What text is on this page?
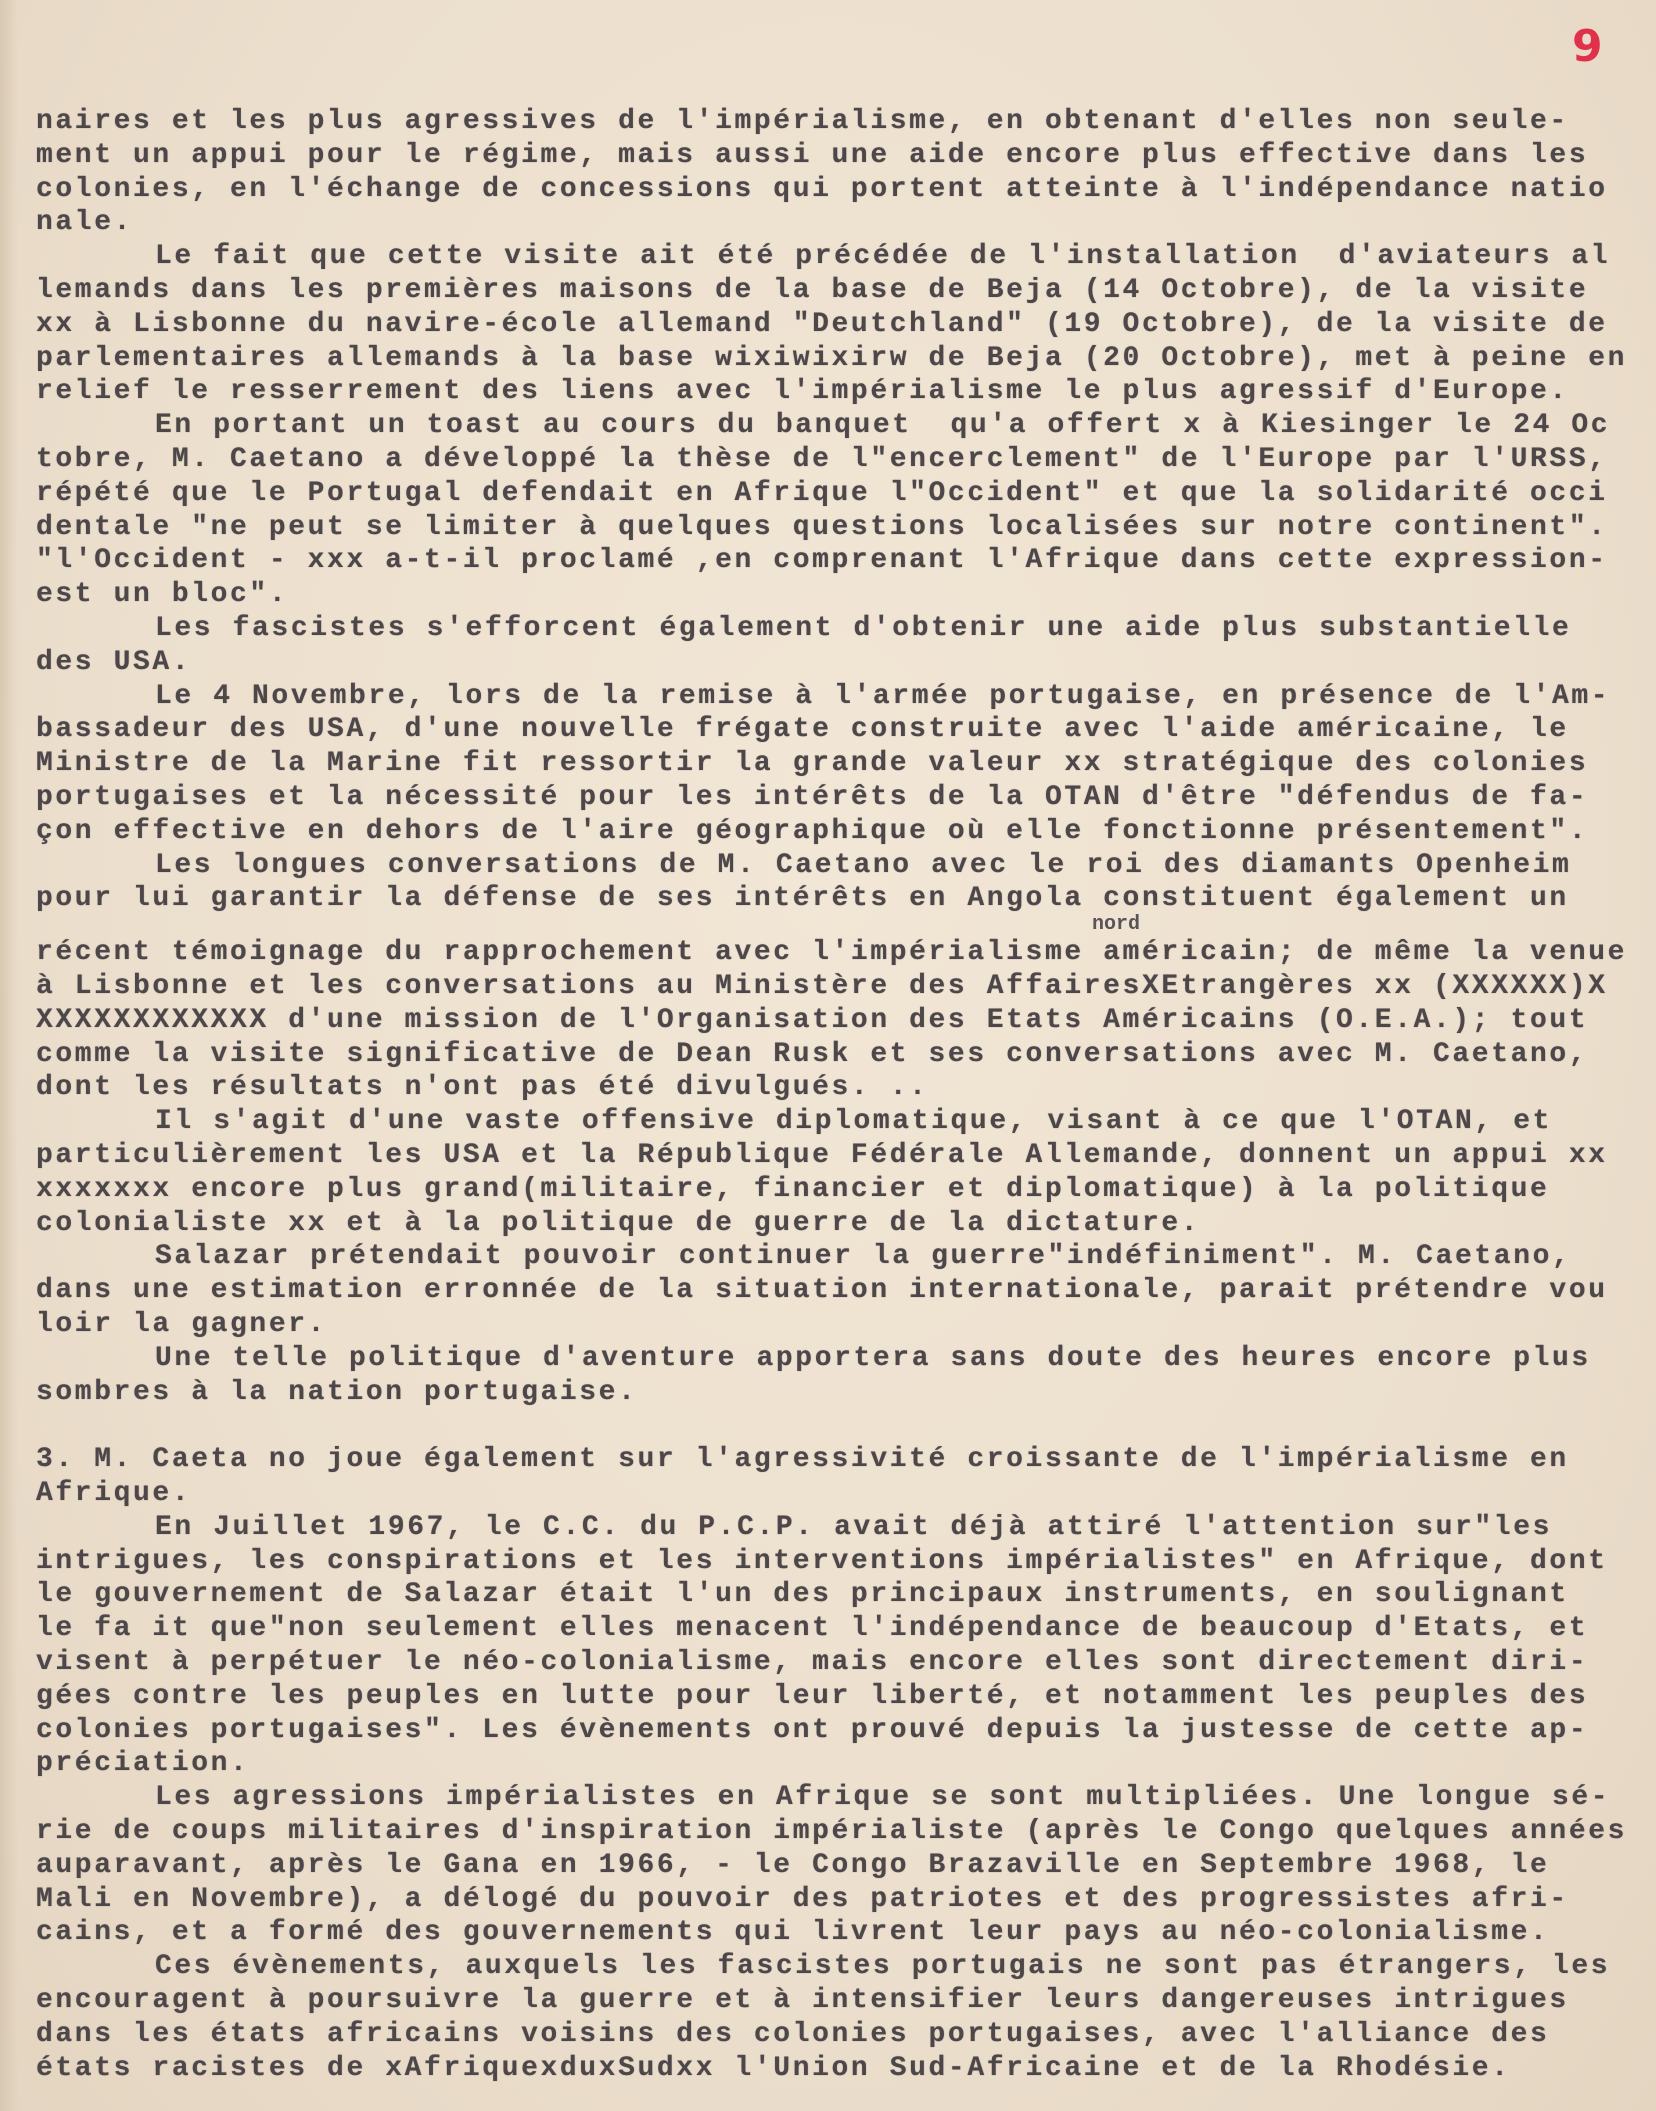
9
naires et les plus agressives de l'impérialisme, en obtenant d'elles non seule-
ment un appui pour le régime, mais aussi une aide encore plus effective dans les
colonies, en l'échange de concessions qui portent atteinte à l'indépendance natio
nale.
Le fait que cette visite ait été précédée de l'installation  d'aviateurs al
lemands dans les premières maisons de la base de Beja (14 Octobre), de la visite
xx à Lisbonne du navire-école allemand "Deutchland" (19 Octobre), de la visite de
parlementaires allemands à la base wixiwixirw de Beja (20 Octobre), met à peine en
relief le resserrement des liens avec l'impérialisme le plus agressif d'Europe.
En portant un toast au cours du banquet  qu'a offert x à Kiesinger le 24 Oc
tobre, M. Caetano a développé la thèse de l"encerclement" de l'Europe par l'URSS,
répété que le Portugal defendait en Afrique l"Occident" et que la solidarité occi
dentale "ne peut se limiter à quelques questions localisées sur notre continent".
"l'Occident - xxx a-t-il proclamé ,en comprenant l'Afrique dans cette expression-
est un bloc".
Les fascistes s'efforcent également d'obtenir une aide plus substantielle
des USA.
Le 4 Novembre, lors de la remise à l'armée portugaise, en présence de l'Am-
bassadeur des USA, d'une nouvelle frégate construite avec l'aide américaine, le
Ministre de la Marine fit ressortir la grande valeur xx stratégique des colonies
portugaises et la nécessité pour les intérêts de la OTAN d'être "défendus de fa-
çon effective en dehors de l'aire géographique où elle fonctionne présentement".
Les longues conversations de M. Caetano avec le roi des diamants Openheim
pour lui garantir la défense de ses intérêts en Angola constituent également un
récent témoignage du rapprochement avec l'impérialisme américain; de même la venue
à Lisbonne et les conversations au Ministère des AffairesXEtrangères xx (XXXXXX)X
XXXXXXXXXXXX d'une mission de l'Organisation des Etats Américains (O.E.A.); tout
comme la visite significative de Dean Rusk et ses conversations avec M. Caetano,
dont les résultats n'ont pas été divulgués. ..
Il s'agit d'une vaste offensive diplomatique, visant à ce que l'OTAN, et
particulièrement les USA et la République Fédérale Allemande, donnent un appui xx
xxxxxxx encore plus grand(militaire, financier et diplomatique) à la politique
colonialiste xx et à la politique de guerre de la dictature.
Salazar prétendait pouvoir continuer la guerre"indéfiniment". M. Caetano,
dans une estimation erronnée de la situation internationale, parait prétendre vou
loir la gagner.
Une telle politique d'aventure apportera sans doute des heures encore plus
sombres à la nation portugaise.
3. M. Caeta no joue également sur l'agressivité croissante de l'impérialisme en
Afrique.
En Juillet 1967, le C.C. du P.C.P. avait déjà attiré l'attention sur"les
intrigues, les conspirations et les interventions impérialistes" en Afrique, dont
le gouvernement de Salazar était l'un des principaux instruments, en soulignant
le fa it que"non seulement elles menacent l'indépendance de beaucoup d'Etats, et
visent à perpétuer le néo-colonialisme, mais encore elles sont directement diri-
gées contre les peuples en lutte pour leur liberté, et notamment les peuples des
colonies portugaises". Les évènements ont prouvé depuis la justesse de cette ap-
préciation.
Les agressions impérialistes en Afrique se sont multipliées. Une longue sé-
rie de coups militaires d'inspiration impérialiste (après le Congo quelques années
auparavant, après le Gana en 1966, - le Congo Brazaville en Septembre 1968, le
Mali en Novembre), a délogé du pouvoir des patriotes et des progressistes afri-
cains, et a formé des gouvernements qui livrent leur pays au néo-colonialisme.
Ces évènements, auxquels les fascistes portugais ne sont pas étrangers, les
encouragent à poursuivre la guerre et à intensifier leurs dangereuses intrigues
dans les états africains voisins des colonies portugaises, avec l'alliance des
états racistes de xAfriquexduxSudxx l'Union Sud-Africaine et de la Rhodésie.
nord
